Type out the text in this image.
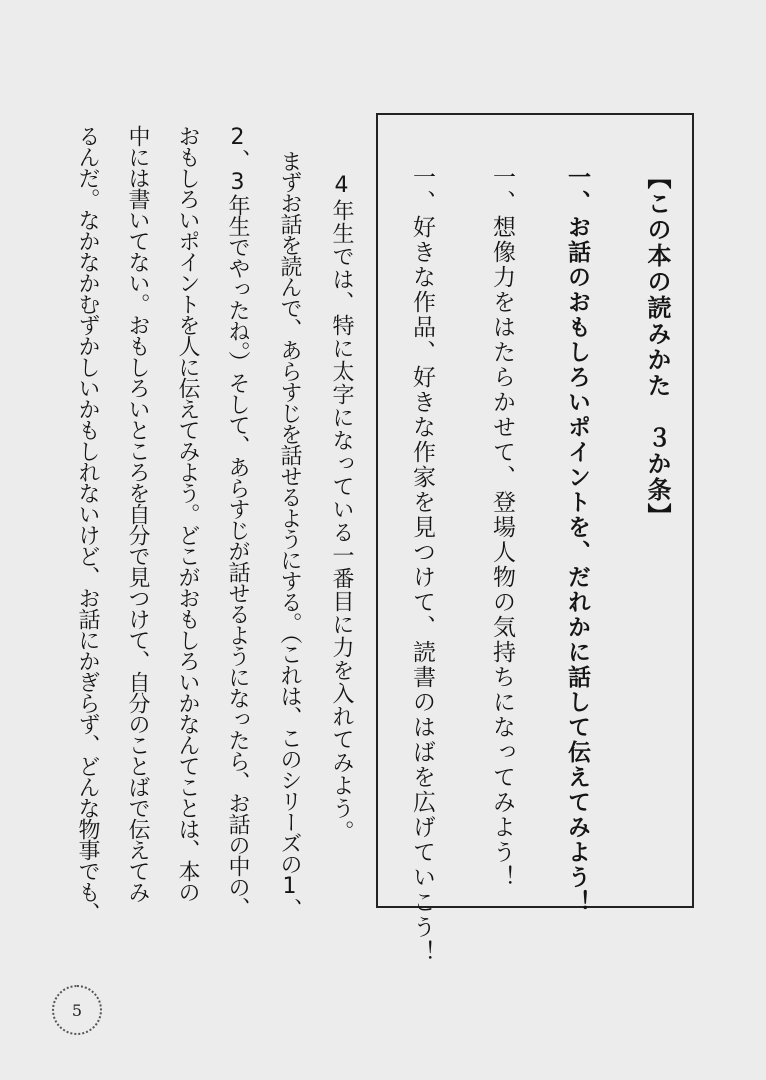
【この本の読みかた　３か条】
一、お話のおもしろいポイントを、だれかに話して伝えてみよう！
一、想像力をはたらかせて、登場人物の気持ちになってみよう！
一、好きな作品、好きな作家を見つけて、読書のはばを広げていこう！
　4年生では、特に太字になっている一番目に力を入れてみよう。
まずお話を読んで、あらすじを話せるようにする。（これは、このシリーズの1、
2、3年生でやったね。）そして、あらすじが話せるようになったら、お話の中の、
おもしろいポイントを人に伝えてみよう。どこがおもしろいかなんてことは、本の
中には書いてない。おもしろいところを自分で見つけて、自分のことばで伝えてみ
るんだ。なかなかむずかしいかもしれないけど、お話にかぎらず、どんな物事でも、
5
